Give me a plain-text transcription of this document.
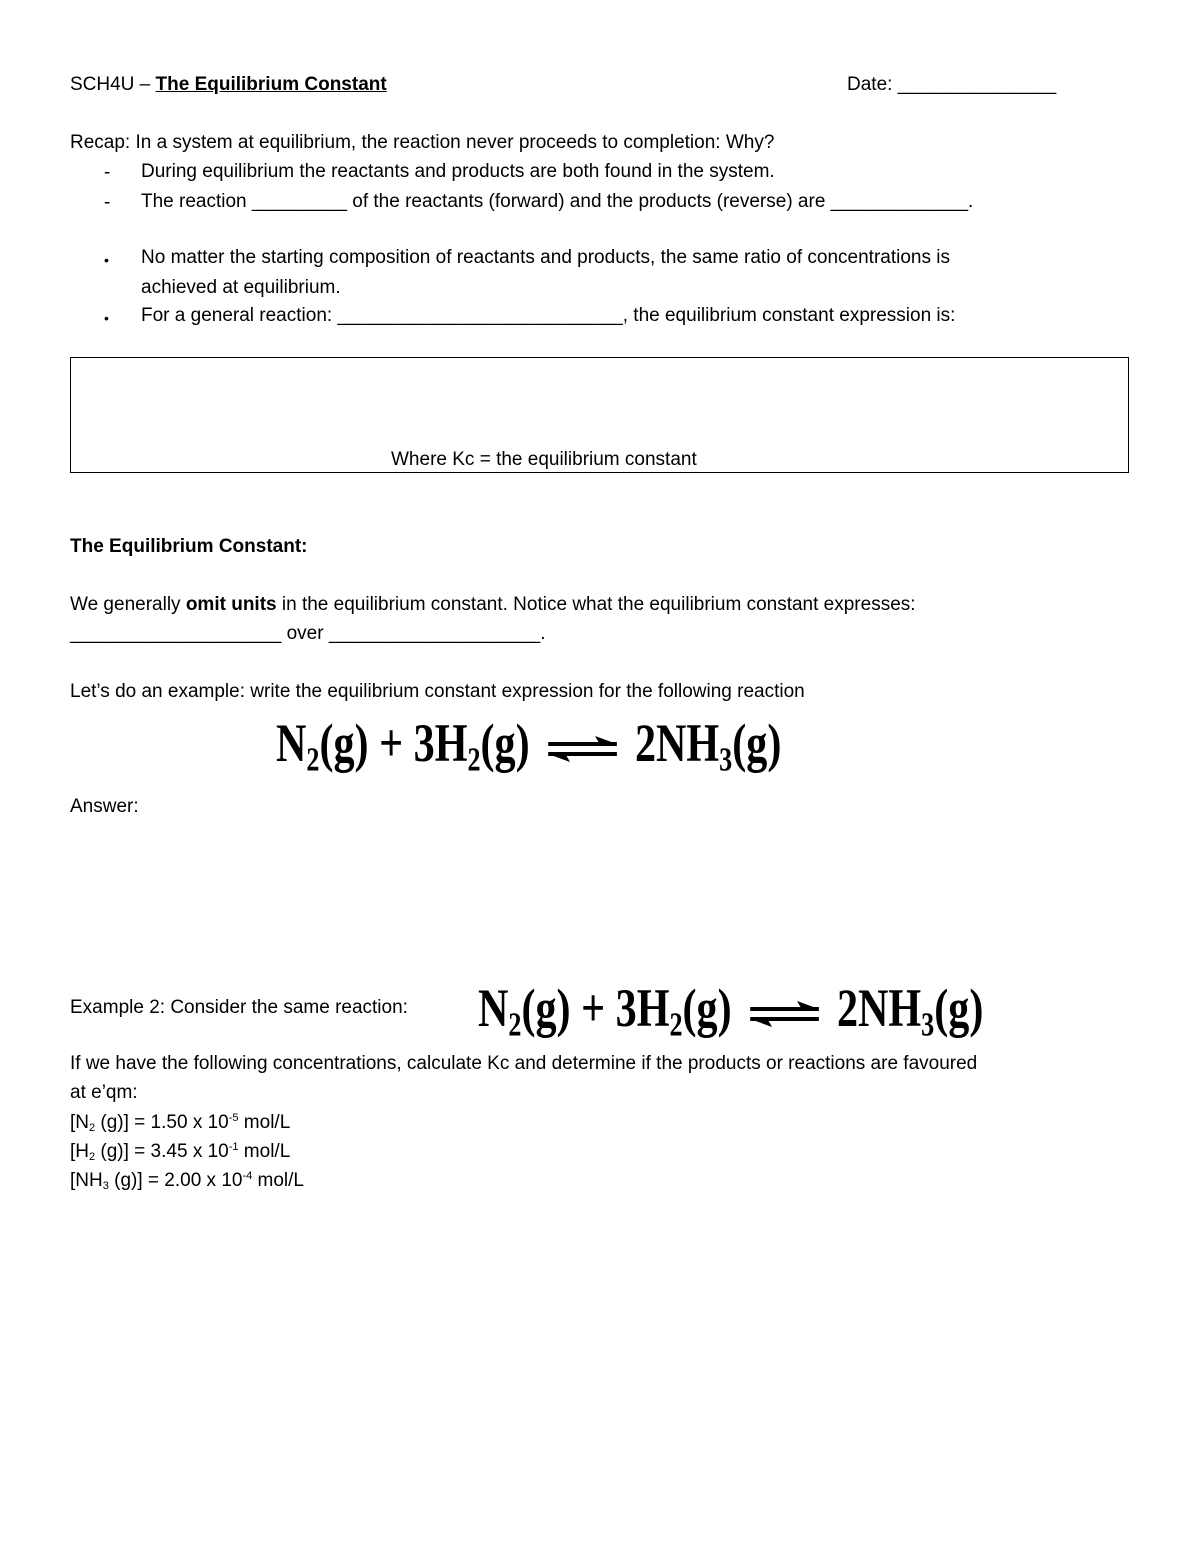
SCH4U – The Equilibrium Constant	Date: _______________
Recap: In a system at equilibrium, the reaction never proceeds to completion: Why?
- During equilibrium the reactants and products are both found in the system.
- The reaction _________ of the reactants (forward) and the products (reverse) are _____________.
• No matter the starting composition of reactants and products, the same ratio of concentrations is
achieved at equilibrium.
• For a general reaction: ___________________________, the equilibrium constant expression is:
Where Kc = the equilibrium constant
The Equilibrium Constant:
We generally omit units in the equilibrium constant. Notice what the equilibrium constant expresses:
____________________ over ____________________.
Let’s do an example: write the equilibrium constant expression for the following reaction
$N_2(g) + 3H_2(g)$ ⇌ $2NH_3(g)$
Answer:
Example 2: Consider the same reaction: $N_2(g) + 3H_2(g)$ ⇌ $2NH_3(g)$
If we have the following concentrations, calculate Kc and determine if the products or reactions are favoured
at e’qm:
[$N_2$ (g)] = 1.50 x $10^{-5}$ mol/L
[$H_2$ (g)] = 3.45 x $10^{-1}$ mol/L
[$NH_3$ (g)] = 2.00 x $10^{-4}$ mol/L
